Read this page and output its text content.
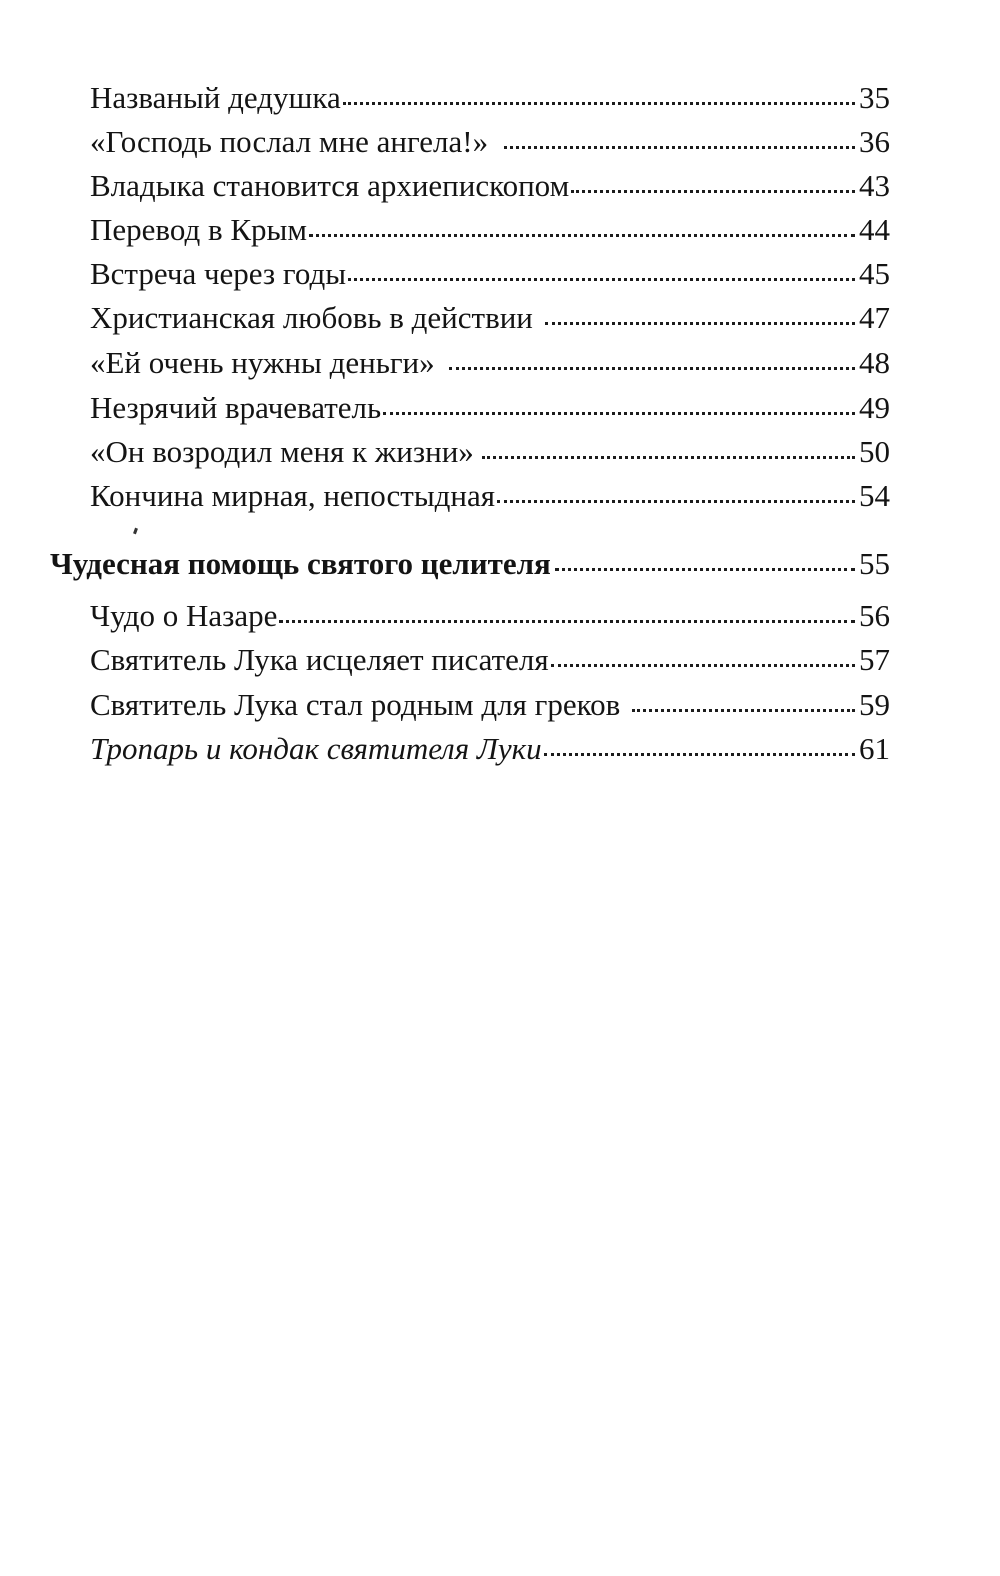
Названый дедушка	35
«Господь послал мне ангела!»	36
Владыка становится архиепископом	43
Перевод в Крым	44
Встреча через годы	45
Христианская любовь в действии	47
«Ей очень нужны деньги»	48
Незрячий врачеватель	49
«Он возродил меня к жизни»	50
Кончина мирная, непостыдная	54
Чудесная помощь святого целителя	55
Чудо о Назаре	56
Святитель Лука исцеляет писателя	57
Святитель Лука стал родным для греков	59
Тропарь и кондак святителя Луки	61
